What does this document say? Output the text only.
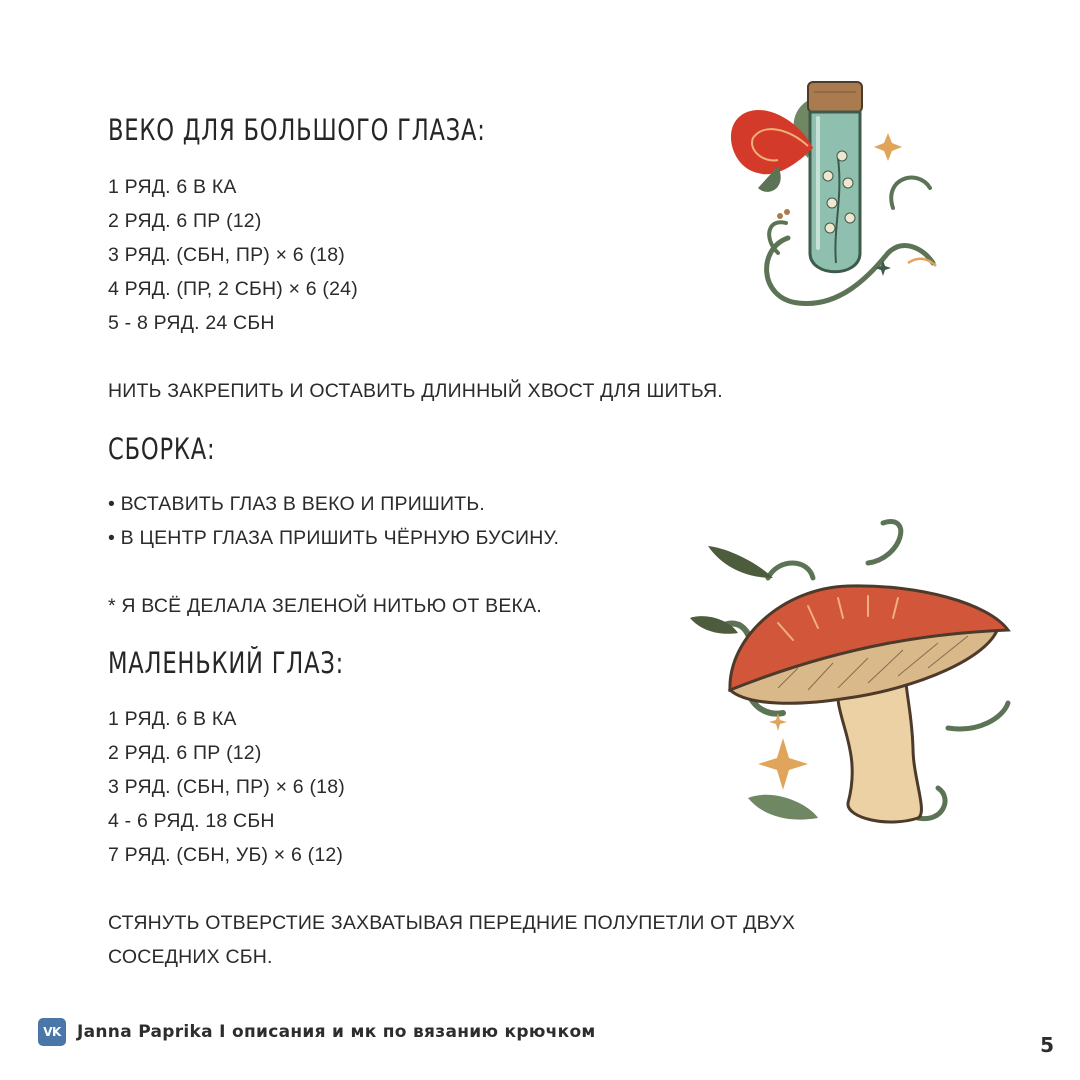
ВЕКО ДЛЯ БОЛЬШОГО ГЛАЗА:
1 РЯД. 6 В КА
2 РЯД. 6 ПР (12)
3 РЯД. (СБН, ПР) × 6 (18)
4 РЯД. (ПР, 2 СБН) × 6 (24)
5 - 8 РЯД. 24 СБН

НИТЬ ЗАКРЕПИТЬ И ОСТАВИТЬ ДЛИННЫЙ ХВОСТ ДЛЯ ШИТЬЯ.

СБОРКА:
• ВСТАВИТЬ ГЛАЗ В ВЕКО И ПРИШИТЬ.
• В ЦЕНТР ГЛАЗА ПРИШИТЬ ЧЁРНУЮ БУСИНУ.

* Я ВСЁ ДЕЛАЛА ЗЕЛЕНОЙ НИТЬЮ ОТ ВЕКА.

МАЛЕНЬКИЙ ГЛАЗ:
1 РЯД. 6 В КА
2 РЯД. 6 ПР (12)
3 РЯД. (СБН, ПР) × 6 (18)
4 - 6 РЯД. 18 СБН
7 РЯД. (СБН, УБ) × 6 (12)
СТЯНУТЬ ОТВЕРСТИЕ ЗАХВАТЫВАЯ ПЕРЕДНИЕ ПОЛУПЕТЛИ ОТ ДВУХ
СОСЕДНИХ СБН.
VK Janna Paprika I описания и мк по вязанию крючком
5
